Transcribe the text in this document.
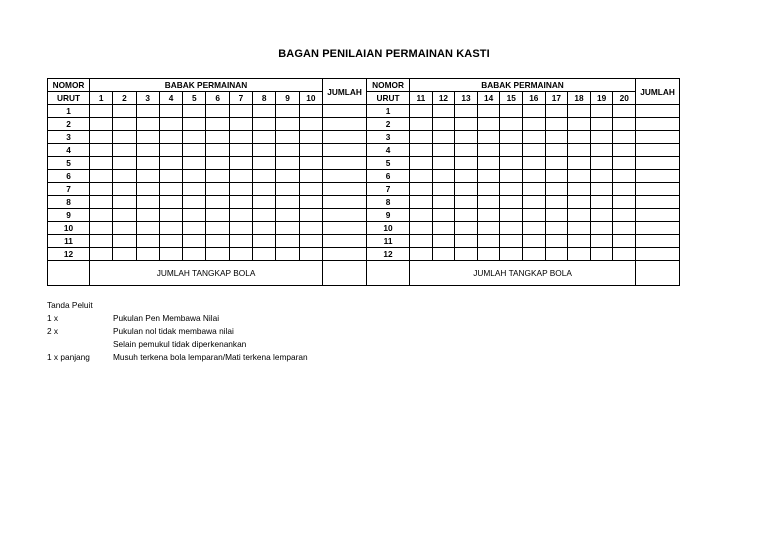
BAGAN PENILAIAN PERMAINAN KASTI
NOMOR	BABAK PERMAINAN										JUMLAH	NOMOR	BABAK PERMAINAN										JUMLAH
URUT	1	2	3	4	5	6	7	8	9	10		URUT	11	12	13	14	15	16	17	18	19	20	
1												1											
2												2											
3												3											
4												4											
5												5											
6												6											
7												7											
8												8											
9												9											
10												10											
11												11											
12												12											
	JUMLAH TANGKAP BOLA												JUMLAH TANGKAP BOLA										
Tanda Peluit
1 x	Pukulan Pen Membawa Nilai
2 x	Pukulan nol tidak membawa nilai
Selain pemukul tidak diperkenankan
1 x panjang	Musuh terkena bola lemparan/Mati terkena lemparan
